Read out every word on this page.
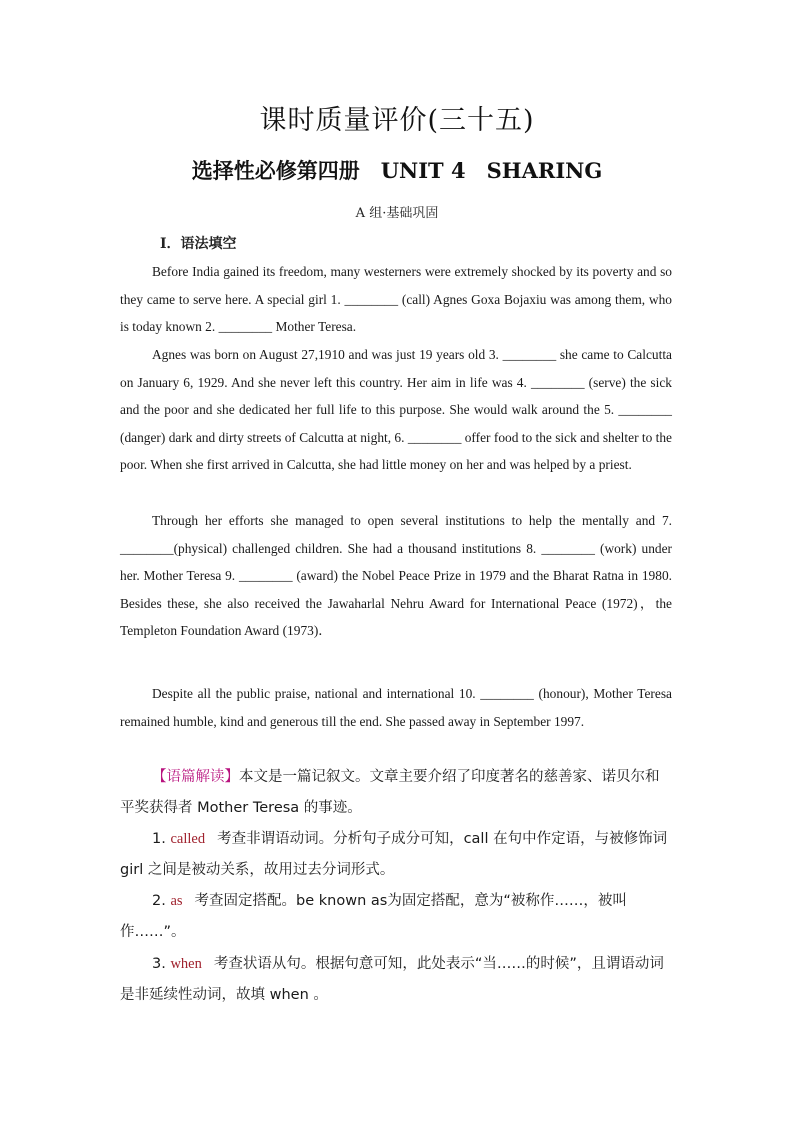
课时质量评价(三十五)
选择性必修第四册　UNIT 4　SHARING
A 组·基础巩固
Ⅰ．语法填空

Before India gained its freedom, many westerners were extremely shocked by its poverty and so they came to serve here. A special girl 1. ________ (call) Agnes Goxa Bojaxiu was among them, who is today known 2. ________ Mother Teresa.

Agnes was born on August 27,1910 and was just 19 years old 3. ________ she came to Calcutta on January 6, 1929. And she never left this country. Her aim in life was 4. ________ (serve) the sick and the poor and she dedicated her full life to this purpose. She would walk around the 5. ________ (danger) dark and dirty streets of Calcutta at night, 6. ________ offer food to the sick and shelter to the poor. When she first arrived in Calcutta, she had little money on her and was helped by a priest.

Through her efforts she managed to open several institutions to help the mentally and 7. ________(physical) challenged children. She had a thousand institutions 8. ________ (work) under her. Mother Teresa 9. ________ (award) the Nobel Peace Prize in 1979 and the Bharat Ratna in 1980. Besides these, she also received the Jawaharlal Nehru Award for International Peace (1972)，the Templeton Foundation Award (1973)．

Despite all the public praise, national and international 10. ________ (honour), Mother Teresa remained humble, kind and generous till the end. She passed away in September 1997.

【语篇解读】本文是一篇记叙文。文章主要介绍了印度著名的慈善家、诺贝尔和平奖获得者 Mother Teresa 的事迹。

1. called 考查非谓语动词。分析句子成分可知，call 在句中作定语，与被修饰词 girl 之间是被动关系，故用过去分词形式。

2. as 考查固定搭配。be known as为固定搭配，意为“被称作……，被叫作……”。

3. when 考查状语从句。根据句意可知，此处表示“当……的时候”，且谓语动词是非延续性动词，故填 when 。
